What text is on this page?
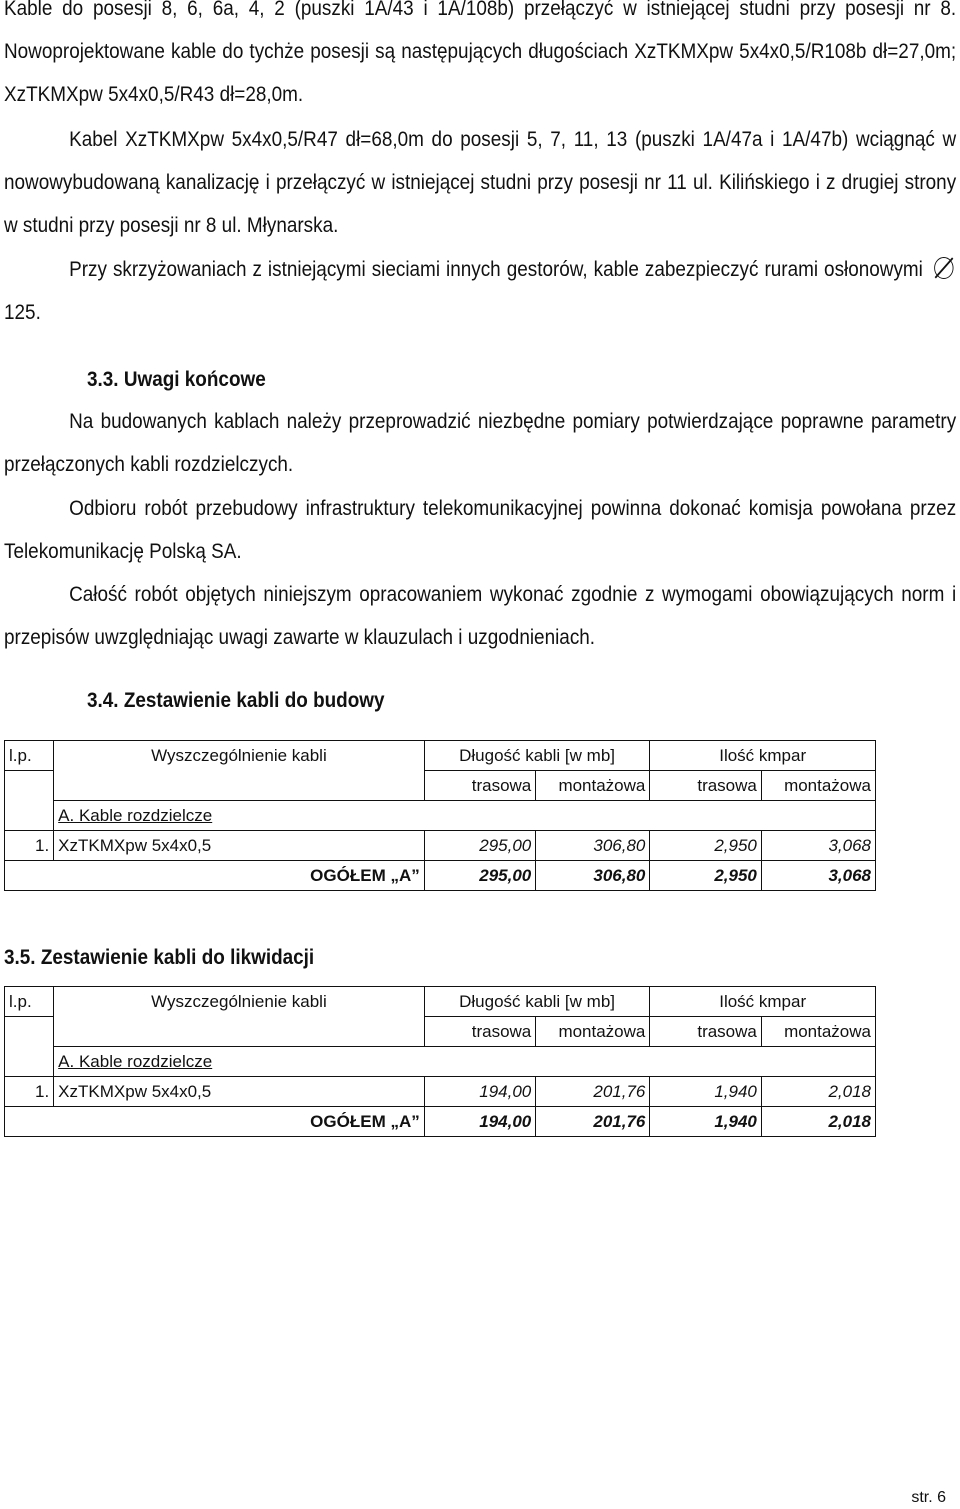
Kable do posesji 8, 6, 6a, 4, 2 (puszki 1A/43 i 1A/108b) przełączyć w istniejącej studni przy posesji nr 8. Nowoprojektowane kable do tychże posesji są następujących długościach XzTKMXpw 5x4x0,5/R108b dł=27,0m; XzTKMXpw 5x4x0,5/R43 dł=28,0m.
Kabel XzTKMXpw 5x4x0,5/R47 dł=68,0m do posesji 5, 7, 11, 13 (puszki 1A/47a i 1A/47b) wciągnąć w nowowybudowaną kanalizację i przełączyć w istniejącej studni przy posesji nr 11 ul. Kilińskiego i z drugiej strony w studni przy posesji nr 8 ul. Młynarska.
Przy skrzyżowaniach z istniejącymi sieciami innych gestorów, kable zabezpieczyć rurami osłonowymi 125.
3.3. Uwagi końcowe
Na budowanych kablach należy przeprowadzić niezbędne pomiary potwierdzające poprawne parametry przełączonych kabli rozdzielczych.
Odbioru robót przebudowy infrastruktury telekomunikacyjnej powinna dokonać komisja powołana przez Telekomunikację Polską SA.
Całość robót objętych niniejszym opracowaniem wykonać zgodnie z wymogami obowiązujących norm i przepisów uwzględniając uwagi zawarte w klauzulach i uzgodnieniach.
3.4. Zestawienie kabli do budowy
l.p.	Wyszczególnienie kabli	Długość kabli [w mb]		Ilość kmpar	
		trasowa	montażowa	trasowa	montażowa
	A. Kable rozdzielcze				
1.	XzTKMXpw 5x4x0,5	295,00	306,80	2,950	3,068
OGÓŁEM „A”		295,00	306,80	2,950	3,068
3.5. Zestawienie kabli do likwidacji
l.p.	Wyszczególnienie kabli	Długość kabli [w mb]		Ilość kmpar	
		trasowa	montażowa	trasowa	montażowa
	A. Kable rozdzielcze				
1.	XzTKMXpw 5x4x0,5	194,00	201,76	1,940	2,018
OGÓŁEM „A”		194,00	201,76	1,940	2,018
str. 6
